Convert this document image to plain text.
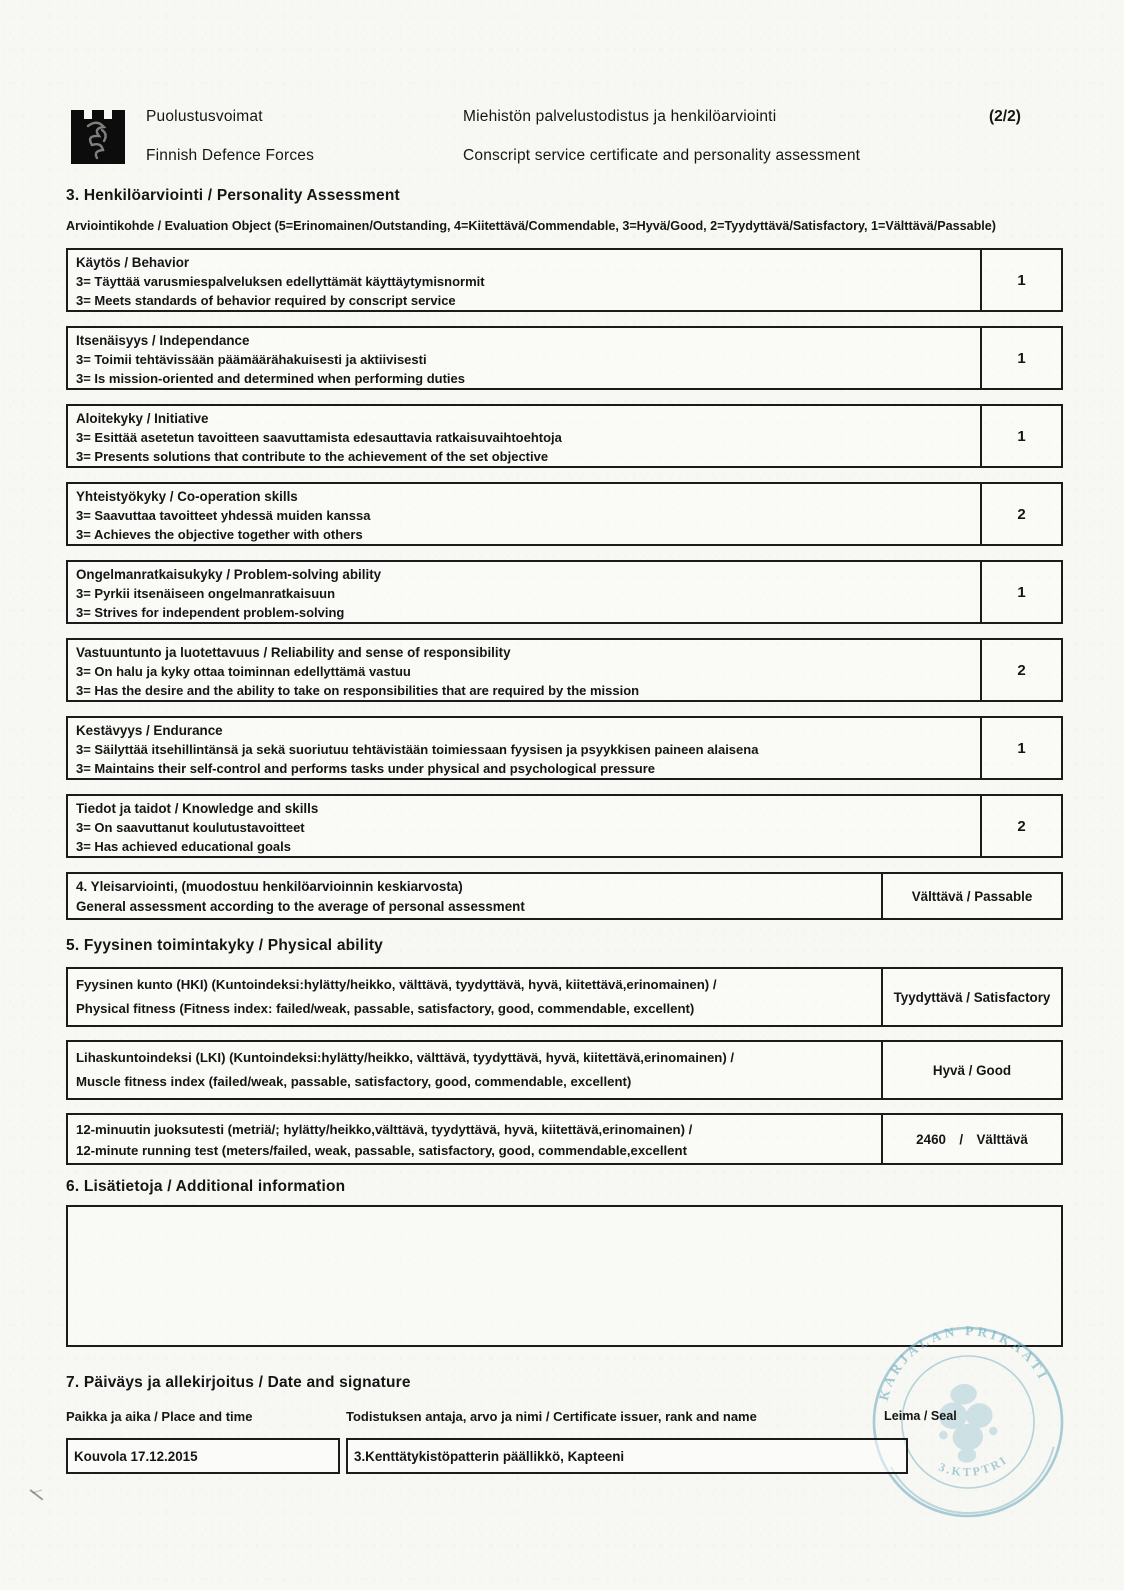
Puolustusvoimat
Finnish Defence Forces
Miehistön palvelustodistus ja henkilöarviointi
Conscript service certificate and personality assessment
(2/2)
3. Henkilöarviointi / Personality Assessment
Arviointikohde / Evaluation Object (5=Erinomainen/Outstanding, 4=Kiitettävä/Commendable, 3=Hyvä/Good, 2=Tyydyttävä/Satisfactory, 1=Välttävä/Passable)
Käytös / Behavior
3= Täyttää varusmiespalveluksen edellyttämät käyttäytymisnormit
3= Meets standards of behavior required by conscript service
1
Itsenäisyys / Independance
3= Toimii tehtävissään päämäärähakuisesti ja aktiivisesti
3= Is mission-oriented and determined when performing duties
1
Aloitekyky / Initiative
3= Esittää asetetun tavoitteen saavuttamista edesauttavia ratkaisuvaihtoehtoja
3= Presents solutions that contribute to the achievement of the set objective
1
Yhteistyökyky / Co-operation skills
3= Saavuttaa tavoitteet yhdessä muiden kanssa
3= Achieves the objective together with others
2
Ongelmanratkaisukyky / Problem-solving ability
3= Pyrkii itsenäiseen ongelmanratkaisuun
3= Strives for independent problem-solving
1
Vastuuntunto ja luotettavuus / Reliability and sense of responsibility
3= On halu ja kyky ottaa toiminnan edellyttämä vastuu
3= Has the desire and the ability to take on responsibilities that are required by the mission
2
Kestävyys / Endurance
3= Säilyttää itsehillintänsä ja sekä suoriutuu tehtävistään toimiessaan fyysisen ja psyykkisen paineen alaisena
3= Maintains their self-control and performs tasks under physical and psychological pressure
1
Tiedot ja taidot / Knowledge and skills
3= On saavuttanut koulutustavoitteet
3= Has achieved educational goals
2
4. Yleisarviointi, (muodostuu henkilöarvioinnin keskiarvosta)
General assessment according to the average of personal assessment
Välttävä / Passable
5. Fyysinen toimintakyky / Physical ability
Fyysinen kunto (HKI) (Kuntoindeksi:hylätty/heikko, välttävä, tyydyttävä, hyvä, kiitettävä,erinomainen) /
Physical fitness (Fitness index: failed/weak, passable, satisfactory, good, commendable, excellent)
Tyydyttävä / Satisfactory
Lihaskuntoindeksi (LKI) (Kuntoindeksi:hylätty/heikko, välttävä, tyydyttävä, hyvä, kiitettävä,erinomainen) /
Muscle fitness index (failed/weak, passable, satisfactory, good, commendable, excellent)
Hyvä / Good
12-minuutin juoksutesti (metriä/; hylätty/heikko,välttävä, tyydyttävä, hyvä, kiitettävä,erinomainen) /
12-minute running test (meters/failed, weak, passable, satisfactory, good, commendable,excellent
2460 / Välttävä
6. Lisätietoja / Additional information
7. Päiväys ja allekirjoitus / Date and signature
Paikka ja aika / Place and time	Todistuksen antaja, arvo ja nimi / Certificate issuer, rank and name	Leima / Seal
Kouvola 17.12.2015	3.Kenttätykistöpatterin päällikkö, Kapteeni
KARJALAN PRIKAATI
3.KTPTRI
